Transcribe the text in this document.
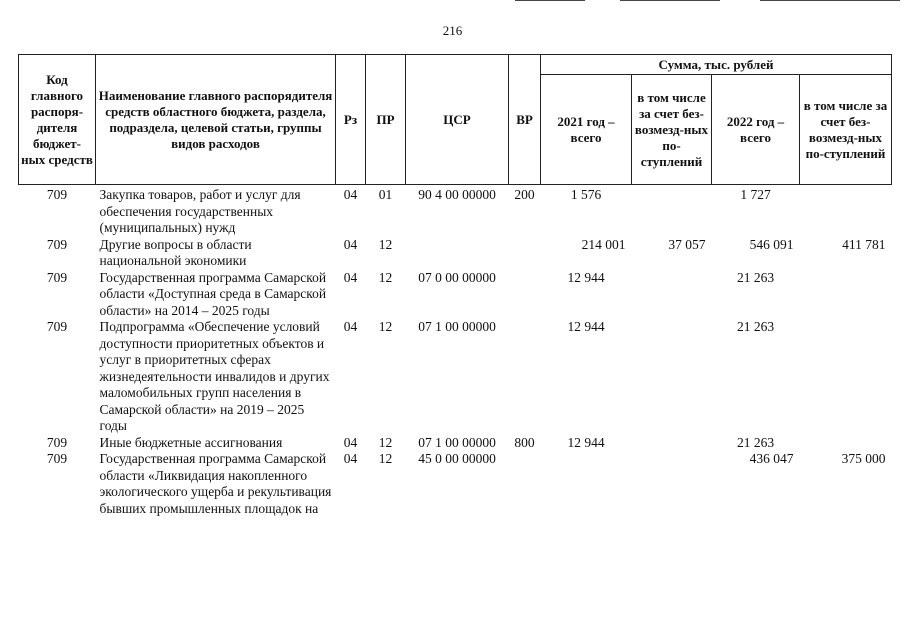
216
Код главного распоря-дителя бюджет-ных средств	Наименование главного распорядителя средств областного бюджета, раздела, подраздела, целевой статьи, группы видов расходов	Рз	ПР	ЦСР	ВР	Сумма, тыс. рублей			
						2021 год – всего	в том числе за счет без-возмезд-ных по-ступлений	2022 год – всего	в том числе за счет без-возмезд-ных по-ступлений
709	Закупка товаров, работ и услуг для обеспечения государственных (муниципальных) нужд	04	01	90 4 00 00000	200	1 576		1 727	
709	Другие вопросы в области национальной экономики	04	12			214 001	37 057	546 091	411 781
709	Государственная программа Самарской области «Доступная среда в Самарской области» на 2014 – 2025 годы	04	12	07 0 00 00000		12 944		21 263	
709	Подпрограмма «Обеспечение условий доступности приоритетных объектов и услуг в приоритетных сферах жизнедеятельности инвалидов и других маломобильных групп населения в Самарской области» на 2019 – 2025 годы	04	12	07 1 00 00000		12 944		21 263	
709	Иные бюджетные ассигнования	04	12	07 1 00 00000	800	12 944		21 263	
709	Государственная программа Самарской области «Ликвидация накопленного экологического ущерба и рекультивация бывших промышленных площадок на	04	12	45 0 00 00000				436 047	375 000
